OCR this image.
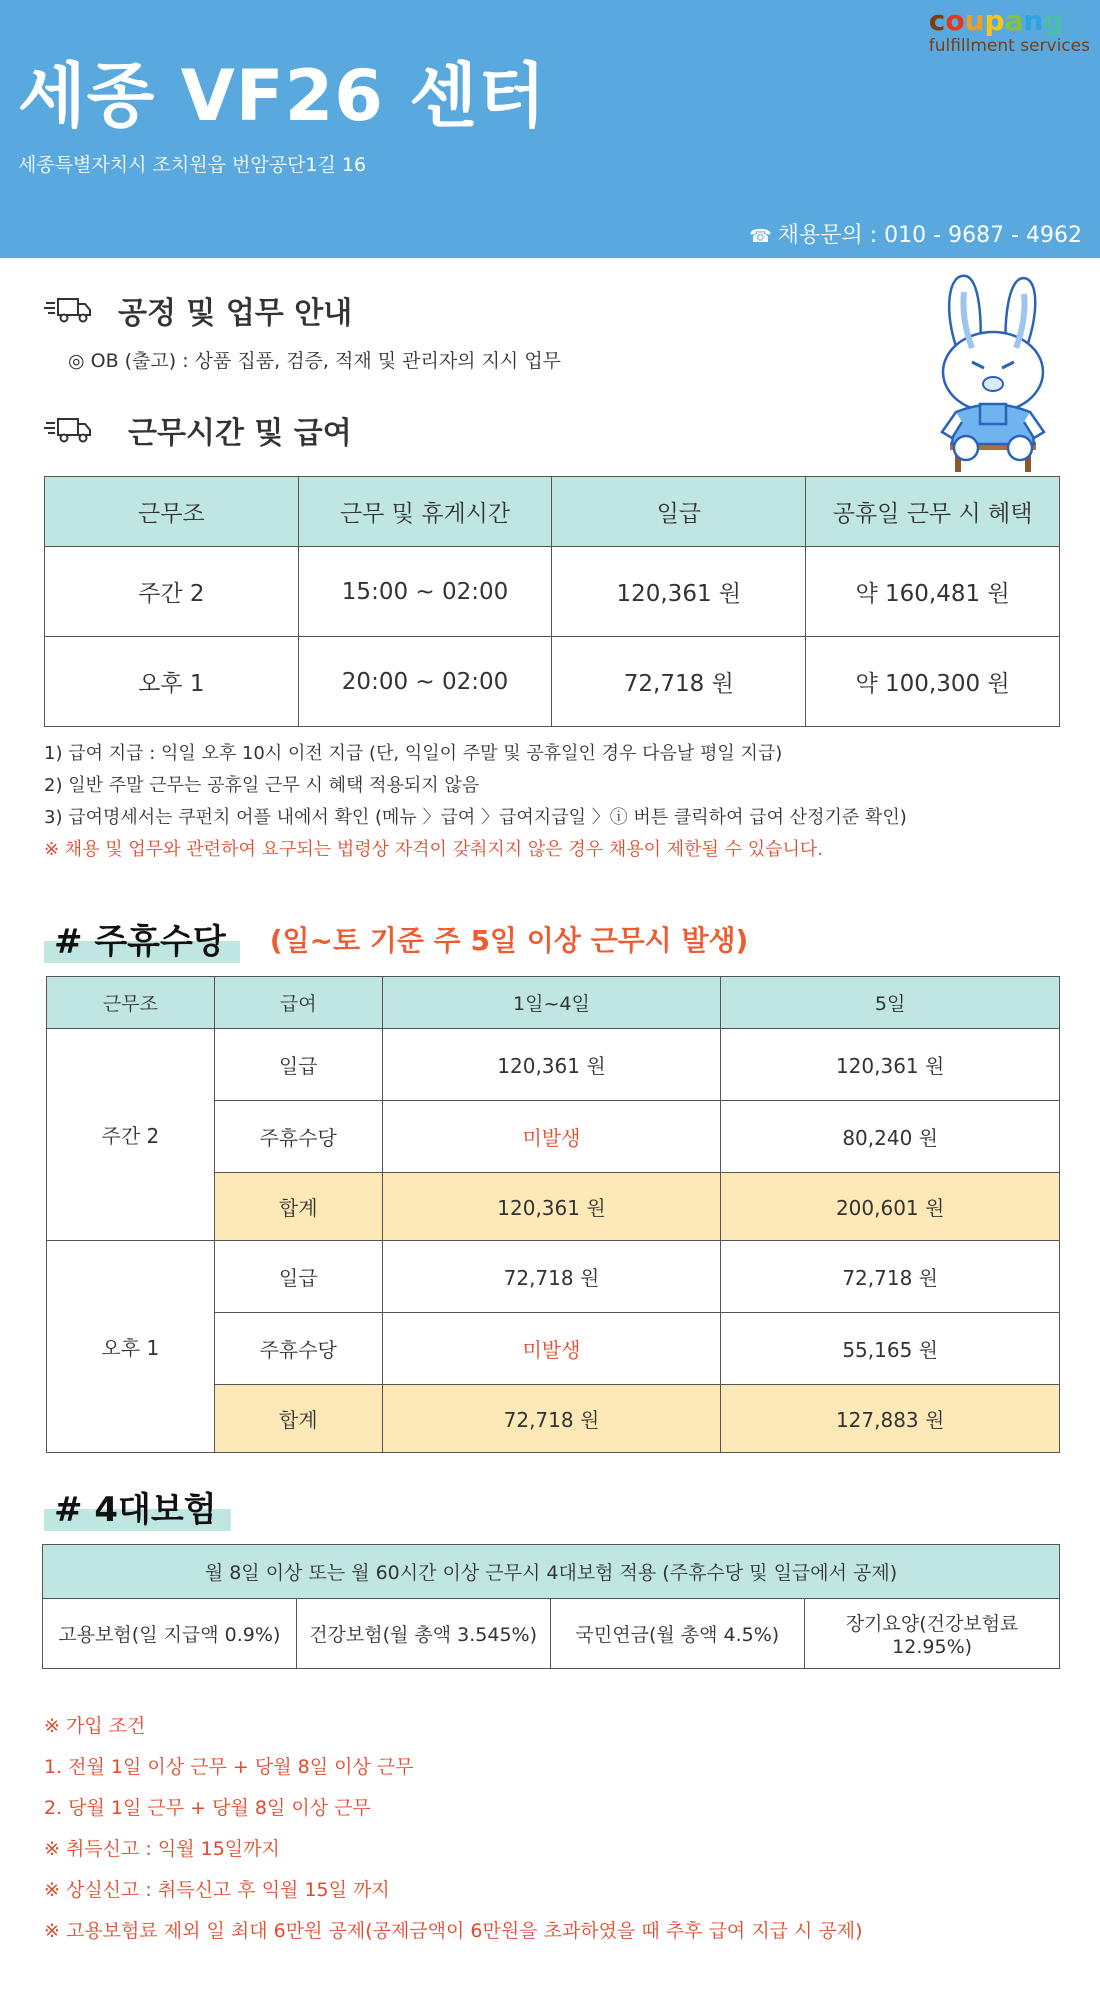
세종 VF26 센터
세종특별자치시 조치원읍 번암공단1길 16
☎ 채용문의 : 010 - 9687 - 4962
coupang
fulfillment services
공정 및 업무 안내
◎ OB (출고) : 상품 집품, 검증, 적재 및 관리자의 지시 업무
근무시간 및 급여
근무조	근무 및 휴게시간	일급	공휴일 근무 시 혜택
주간 2	15:00 ~ 02:00	120,361 원	약 160,481 원
오후 1	20:00 ~ 02:00	72,718 원	약 100,300 원
1) 급여 지급 : 익일 오후 10시 이전 지급 (단, 익일이 주말 및 공휴일인 경우 다음날 평일 지급)
2) 일반 주말 근무는 공휴일 근무 시 혜택 적용되지 않음
3) 급여명세서는 쿠펀치 어플 내에서 확인 (메뉴 〉급여 〉급여지급일 〉ⓘ 버튼 클릭하여 급여 산정기준 확인)
※ 채용 및 업무와 관련하여 요구되는 법령상 자격이 갖춰지지 않은 경우 채용이 제한될 수 있습니다.
# 주휴수당	(일~토 기준 주 5일 이상 근무시 발생)
근무조	급여	1일~4일	5일
주간 2	일급	120,361 원	120,361 원
	주휴수당	미발생	80,240 원
	합계	120,361 원	200,601 원
오후 1	일급	72,718 원	72,718 원
	주휴수당	미발생	55,165 원
	합계	72,718 원	127,883 원
# 4대보험
월 8일 이상 또는 월 60시간 이상 근무시 4대보험 적용 (주휴수당 및 일급에서 공제)
고용보험(일 지급액 0.9%)	건강보험(월 총액 3.545%)	국민연금(월 총액 4.5%)	장기요양(건강보험료 12.95%)
※ 가입 조건
1. 전월 1일 이상 근무 + 당월 8일 이상 근무
2. 당월 1일 근무 + 당월 8일 이상 근무
※ 취득신고 : 익월 15일까지
※ 상실신고 : 취득신고 후 익월 15일 까지
※ 고용보험료 제외 일 최대 6만원 공제(공제금액이 6만원을 초과하였을 때 추후 급여 지급 시 공제)
